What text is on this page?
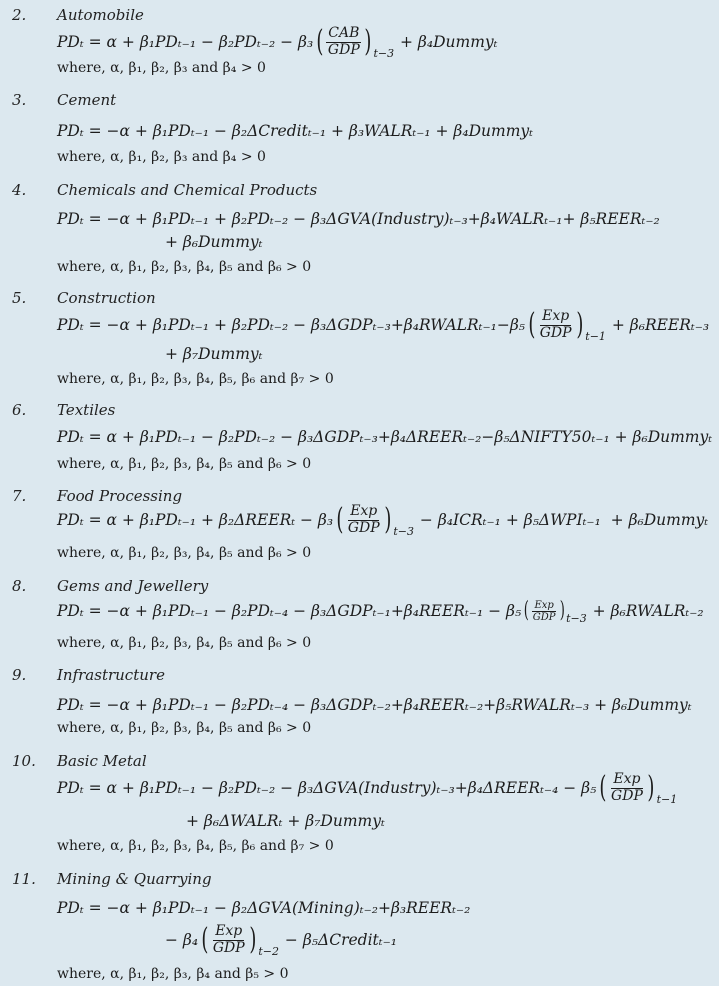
2. Automobile
PDₜ = α + β₁PDₜ₋₁ − β₂PDₜ₋₂ − β₃ ( CAB
GDP ) t−3
+ β₄Dummyₜ
where, α, β₁, β₂, β₃ and β₄ > 0
3. Cement
PDₜ = −α + β₁PDₜ₋₁ − β₂ΔCreditₜ₋₁ + β₃WALRₜ₋₁ + β₄Dummyₜ
where, α, β₁, β₂, β₃ and β₄ > 0
4. Chemicals and Chemical Products
PDₜ = −α + β₁PDₜ₋₁ + β₂PDₜ₋₂ − β₃ΔGVA(Industry)ₜ₋₃+β₄WALRₜ₋₁+ β₅REERₜ₋₂
+ β₆Dummyₜ
where, α, β₁, β₂, β₃, β₄, β₅ and β₆ > 0
5. Construction
PDₜ = −α + β₁PDₜ₋₁ + β₂PDₜ₋₂ − β₃ΔGDPₜ₋₃+β₄RWALRₜ₋₁−β₅ ( Exp
GDP ) t−1
+ β₆REERₜ₋₃
+ β₇Dummyₜ
where, α, β₁, β₂, β₃, β₄, β₅, β₆ and β₇ > 0
6. Textiles
PDₜ = α + β₁PDₜ₋₁ − β₂PDₜ₋₂ − β₃ΔGDPₜ₋₃+β₄ΔREERₜ₋₂−β₅ΔNIFTY50ₜ₋₁ + β₆Dummyₜ
where, α, β₁, β₂, β₃, β₄, β₅ and β₆ > 0
7. Food Processing
PDₜ = α + β₁PDₜ₋₁ + β₂ΔREERₜ − β₃ ( Exp
GDP ) t−3
− β₄ICRₜ₋₁ + β₅ΔWPIₜ₋₁  + β₆Dummyₜ
where, α, β₁, β₂, β₃, β₄, β₅ and β₆ > 0
8. Gems and Jewellery
PDₜ = −α + β₁PDₜ₋₁ − β₂PDₜ₋₄ − β₃ΔGDPₜ₋₁+β₄REERₜ₋₁ − β₅ ( Exp
GDP ) t−3 + β₆RWALRₜ₋₂
where, α, β₁, β₂, β₃, β₄, β₅ and β₆ > 0
9. Infrastructure
PDₜ = −α + β₁PDₜ₋₁ − β₂PDₜ₋₄ − β₃ΔGDPₜ₋₂+β₄REERₜ₋₂+β₅RWALRₜ₋₃ + β₆Dummyₜ
where, α, β₁, β₂, β₃, β₄, β₅ and β₆ > 0
10. Basic Metal
PDₜ = α + β₁PDₜ₋₁ − β₂PDₜ₋₂ − β₃ΔGVA(Industry)ₜ₋₃+β₄ΔREERₜ₋₄ − β₅ ( Exp
GDP ) t−1
+ β₆ΔWALRₜ + β₇Dummyₜ
where, α, β₁, β₂, β₃, β₄, β₅, β₆ and β₇ > 0
11. Mining & Quarrying
PDₜ = −α + β₁PDₜ₋₁ − β₂ΔGVA(Mining)ₜ₋₂+β₃REERₜ₋₂
− β₄ ( Exp
GDP ) t−2
− β₅ΔCreditₜ₋₁
where, α, β₁, β₂, β₃, β₄ and β₅ > 0
